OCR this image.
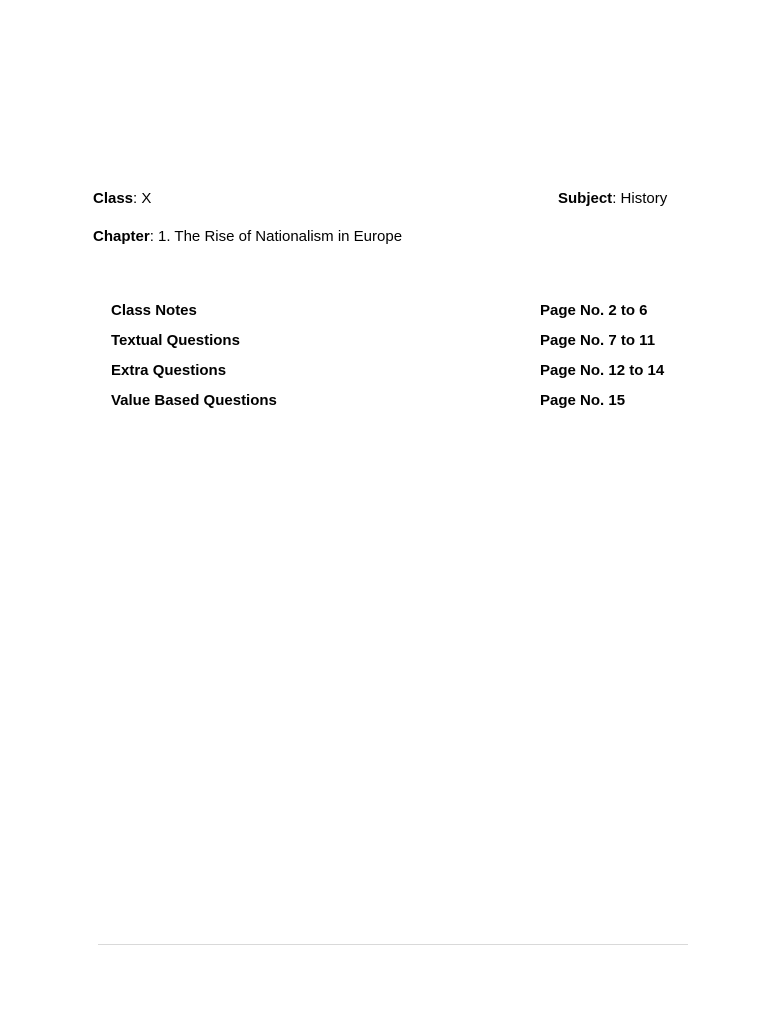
Class: X	Subject: History
Chapter: 1. The Rise of Nationalism in Europe
Class Notes	Page No. 2 to 6
Textual Questions	Page No. 7 to 11
Extra Questions	Page No. 12 to 14
Value Based Questions	Page No. 15
